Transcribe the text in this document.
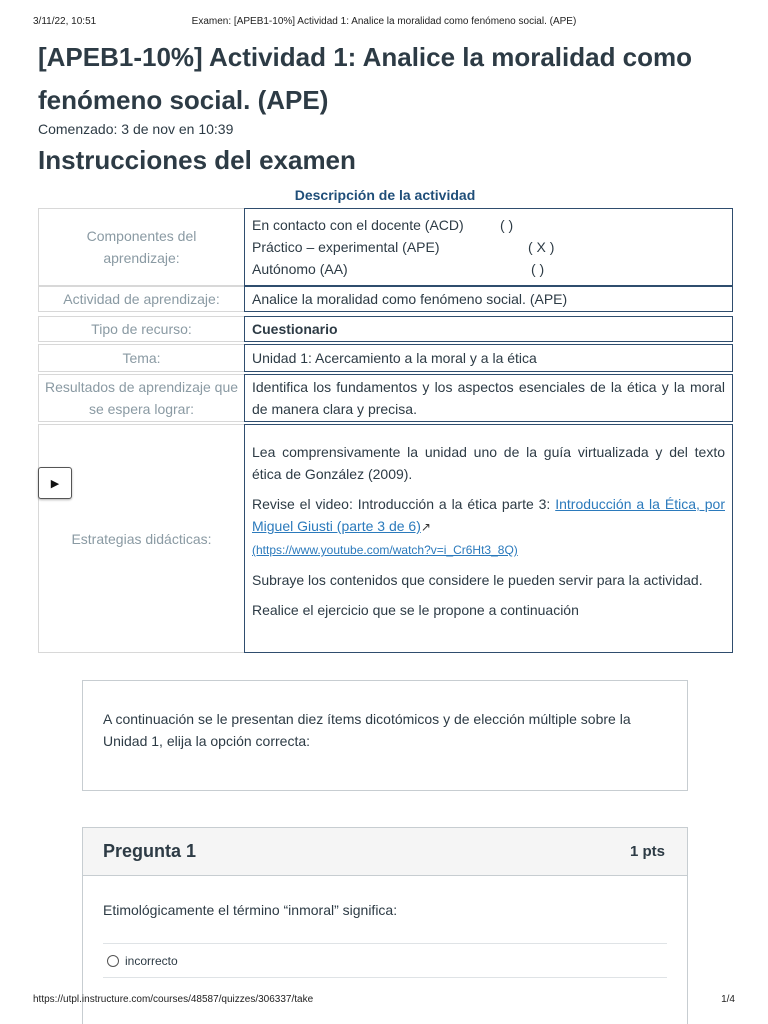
3/11/22, 10:51	Examen: [APEB1-10%] Actividad 1: Analice la moralidad como fenómeno social. (APE)
[APEB1-10%] Actividad 1: Analice la moralidad como fenómeno social. (APE)
Comenzado: 3 de nov en 10:39
Instrucciones del examen
Descripción de la actividad
Componentes del aprendizaje:
En contacto con el docente (ACD)	( )
Práctico – experimental (APE)	( X )
Autónomo (AA)	( )
Actividad de aprendizaje:	Analice la moralidad como fenómeno social. (APE)
Tipo de recurso:	Cuestionario
Tema:	Unidad 1: Acercamiento a la moral y a la ética
Resultados de aprendizaje que se espera lograr:
Identifica los fundamentos y los aspectos esenciales de la ética y la moral de manera clara y precisa.
Estrategias didácticas:

Lea comprensivamente la unidad uno de la guía virtualizada y del texto ética de González (2009).

Revise el video: Introducción a la ética parte 3: Introducción a la Ética, por Miguel Giusti (parte 3 de 6)↗
(https://www.youtube.com/watch?v=i_Cr6Ht3_8Q)

Subraye los contenidos que considere le pueden servir para la actividad.

Realice el ejercicio que se le propone a continuación

▶

A continuación se le presentan diez ítems dicotómicos y de elección múltiple sobre la Unidad 1, elija la opción correcta:

Pregunta 1	1 pts
Etimológicamente el término “inmoral” significa:
incorrecto
https://utpl.instructure.com/courses/48587/quizzes/306337/take	1/4
